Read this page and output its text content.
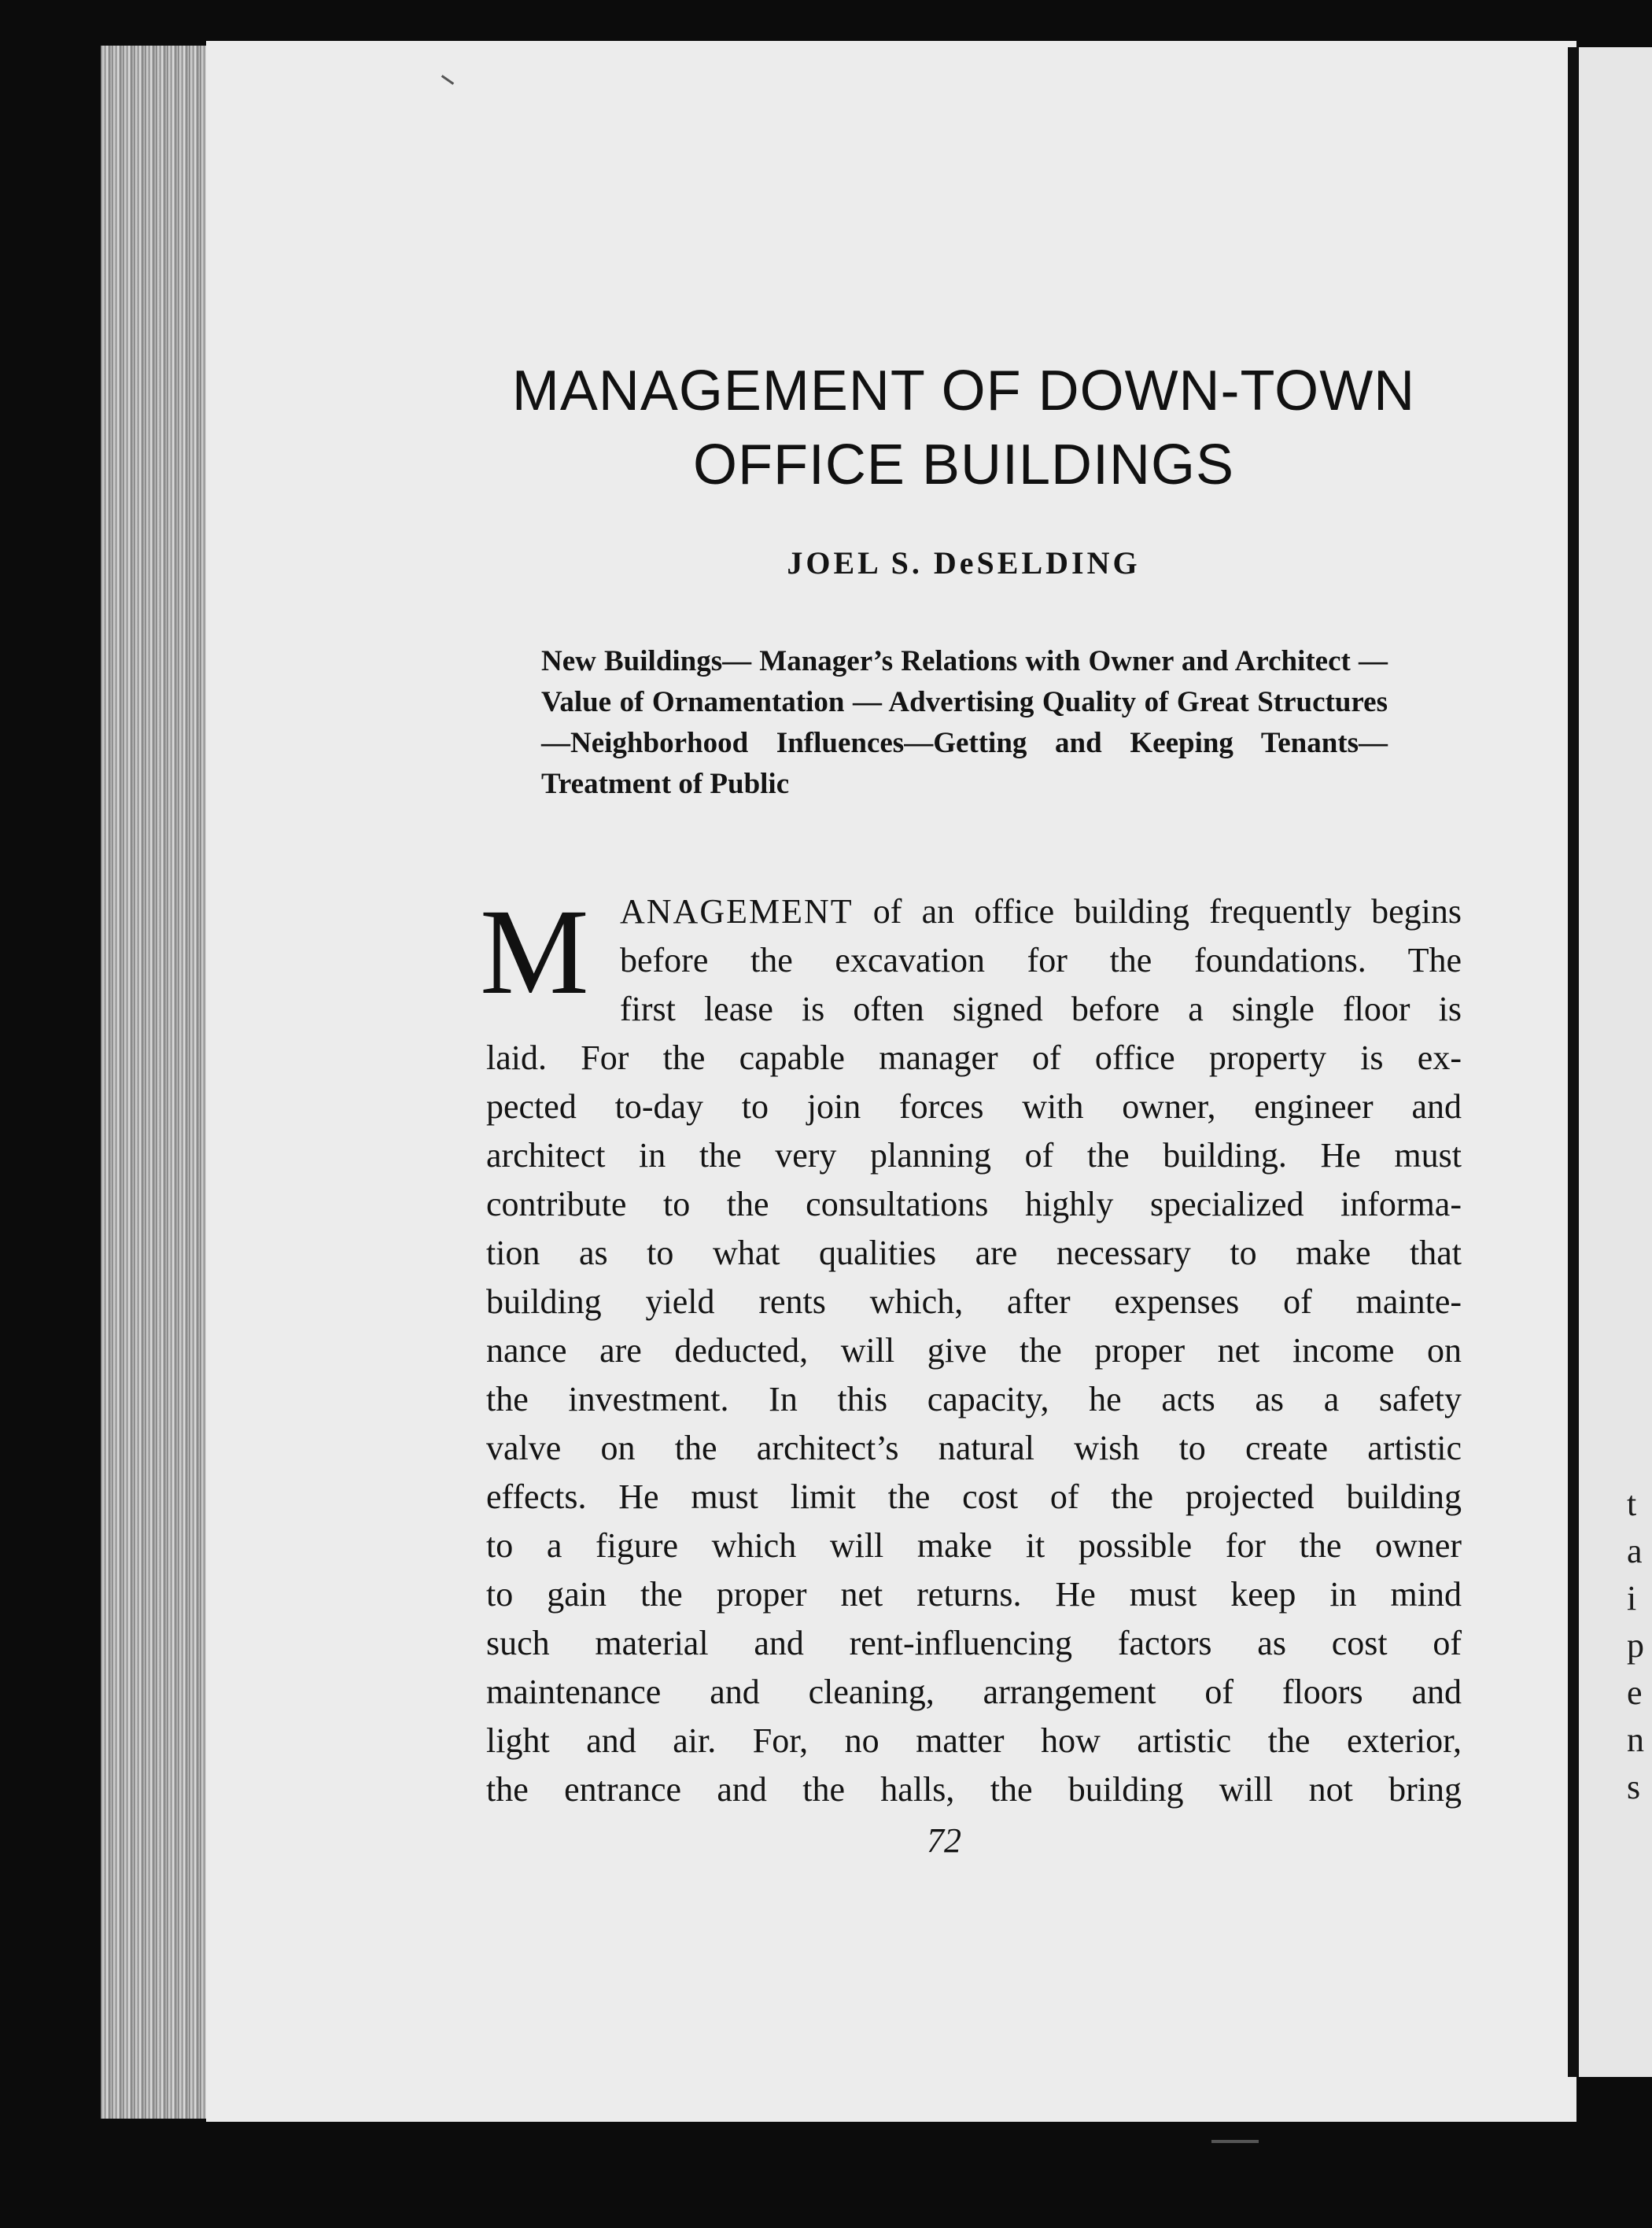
t
a
i
p
e
n
s
MANAGEMENT OF DOWN-TOWN
OFFICE BUILDINGS
JOEL S. DeSELDING
New Buildings— Manager’s Relations with Owner and Architect — Value of Ornamentation — Advertising Quality of Great Structures—Neighborhood Influences—Getting and Keeping Tenants—Treatment of Public
M ANAGEMENT of an office building frequently begins
before the excavation for the foundations. The
first lease is often signed before a single floor is
laid. For the capable manager of office property is ex-
pected to-day to join forces with owner, engineer and
architect in the very planning of the building. He must
contribute to the consultations highly specialized informa-
tion as to what qualities are necessary to make that
building yield rents which, after expenses of mainte-
nance are deducted, will give the proper net income on
the investment. In this capacity, he acts as a safety
valve on the architect’s natural wish to create artistic
effects. He must limit the cost of the projected building
to a figure which will make it possible for the owner
to gain the proper net returns. He must keep in mind
such material and rent-influencing factors as cost of
maintenance and cleaning, arrangement of floors and
light and air. For, no matter how artistic the exterior,
the entrance and the halls, the building will not bring
72
